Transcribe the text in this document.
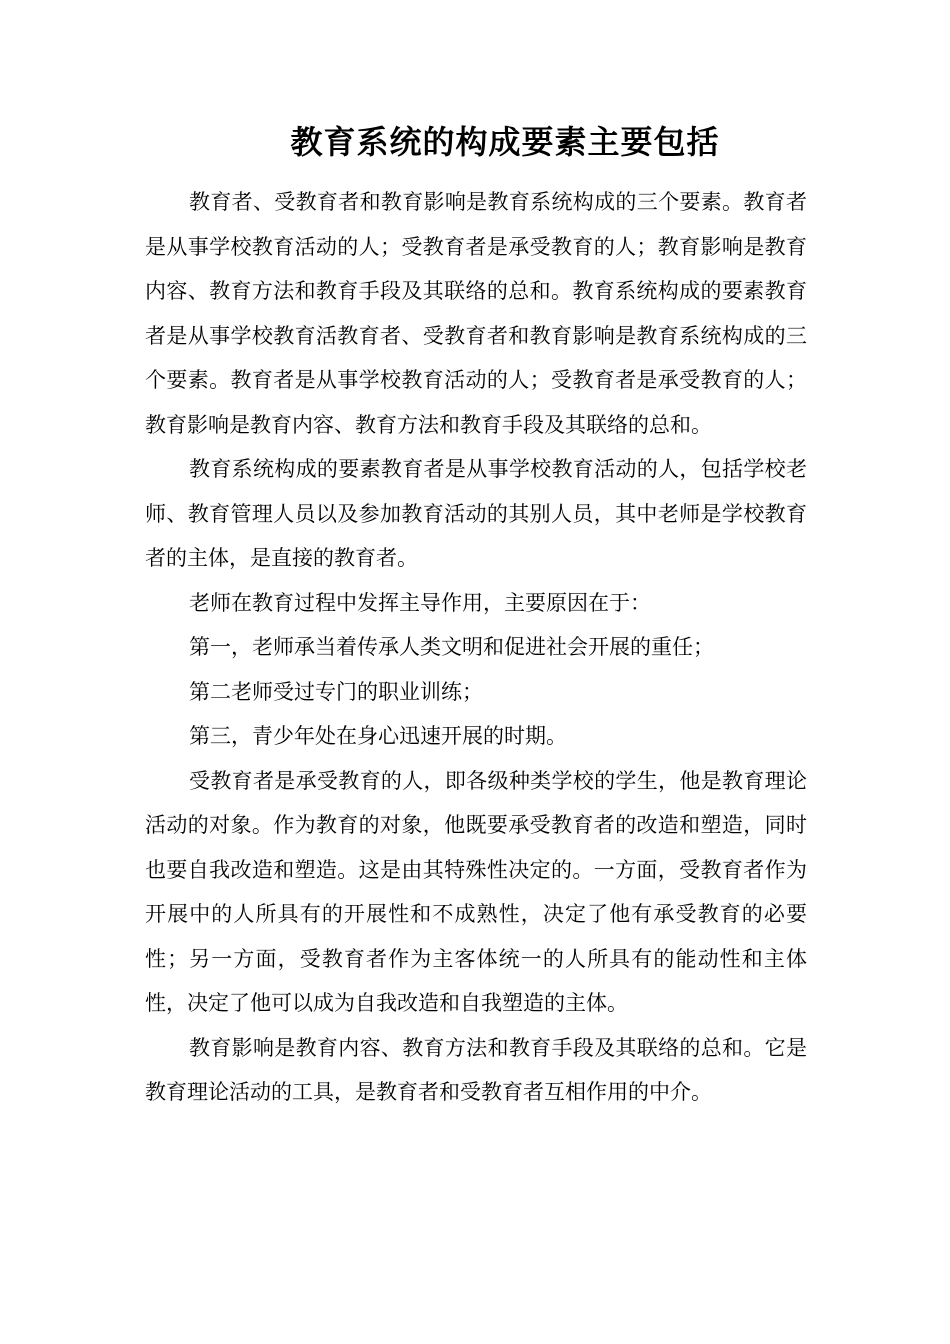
教育系统的构成要素主要包括

教育者、受教育者和教育影响是教育系统构成的三个要素。教育者是从事学校教育活动的人；受教育者是承受教育的人；教育影响是教育内容、教育方法和教育手段及其联络的总和。教育系统构成的要素教育者是从事学校教育活教育者、受教育者和教育影响是教育系统构成的三个要素。教育者是从事学校教育活动的人；受教育者是承受教育的人；教育影响是教育内容、教育方法和教育手段及其联络的总和。

教育系统构成的要素教育者是从事学校教育活动的人，包括学校老师、教育管理人员以及参加教育活动的其别人员，其中老师是学校教育者的主体，是直接的教育者。

老师在教育过程中发挥主导作用，主要原因在于：

第一，老师承当着传承人类文明和促进社会开展的重任；

第二老师受过专门的职业训练；

第三，青少年处在身心迅速开展的时期。

受教育者是承受教育的人，即各级种类学校的学生，他是教育理论活动的对象。作为教育的对象，他既要承受教育者的改造和塑造，同时也要自我改造和塑造。这是由其特殊性决定的。一方面，受教育者作为开展中的人所具有的开展性和不成熟性，决定了他有承受教育的必要性；另一方面，受教育者作为主客体统一的人所具有的能动性和主体性，决定了他可以成为自我改造和自我塑造的主体。

教育影响是教育内容、教育方法和教育手段及其联络的总和。它是教育理论活动的工具，是教育者和受教育者互相作用的中介。
